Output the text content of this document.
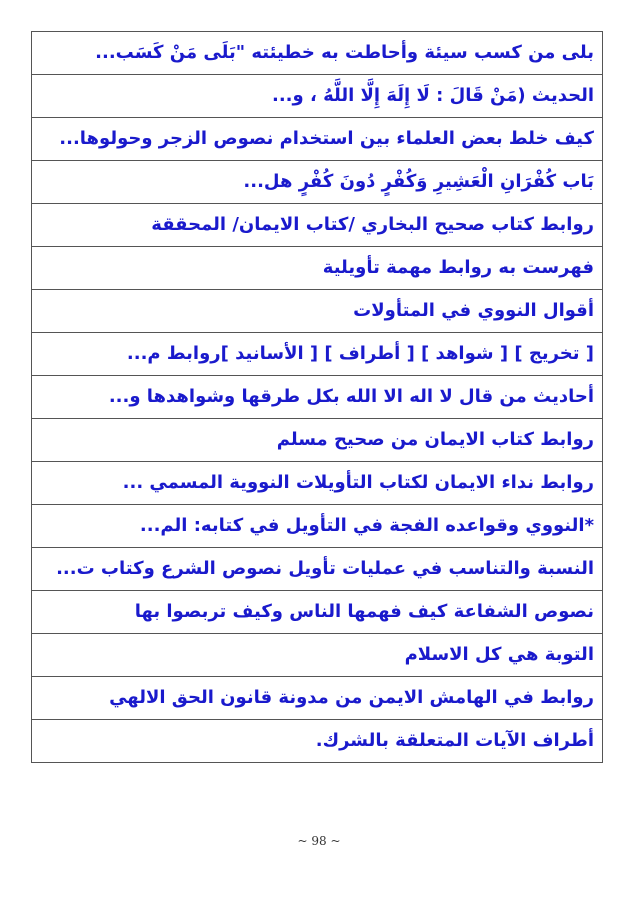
بلى من كسب سيئة وأحاطت به خطيئته "بَلَى مَنْ كَسَب...
الحديث (مَنْ قَالَ : لَا إِلَهَ إِلَّا اللَّهُ ، و...
كيف خلط بعض العلماء بين استخدام نصوص الزجر وحولوها...
بَاب كُفْرَانِ الْعَشِيرِ وَكُفْرٍ دُونَ كُفْرٍ هل...
روابط كتاب صحيح البخاري /كتاب الايمان/ المحققة
فهرست به روابط مهمة تأويلية
أقوال النووي في المتأولات
[ تخريج ] [ شواهد ] [ أطراف ] [ الأسانيد ]روابط م...
أحاديث من قال لا اله الا الله بكل طرقها وشواهدها و...
روابط كتاب الايمان من صحيح مسلم
روابط نداء الايمان لكتاب التأويلات النووية المسمي ...
*النووي وقواعده الفجة في التأويل في كتابه: الم...
النسبة والتناسب في عمليات تأويل نصوص الشرع وكتاب ت...
نصوص الشفاعة كيف فهمها الناس وكيف تربصوا بها
التوبة هي كل الاسلام
روابط في الهامش الايمن من مدونة قانون الحق الالهي
أطراف الآيات المتعلقة بالشرك.
~ 98 ~
